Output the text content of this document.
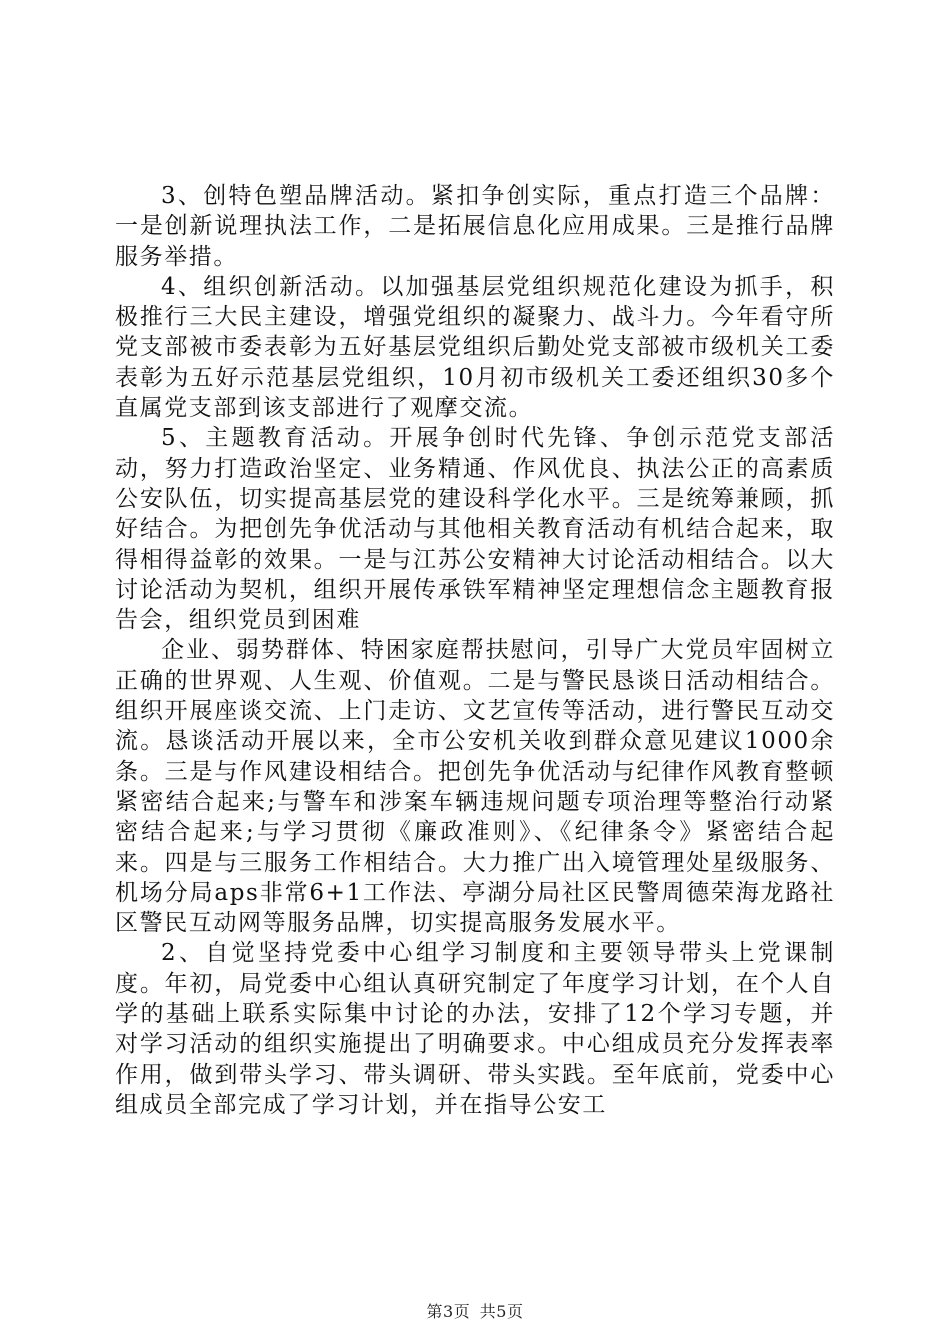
3、创特色塑品牌活动。紧扣争创实际，重点打造三个品牌：一是创新说理执法工作，二是拓展信息化应用成果。三是推行品牌服务举措。

4、组织创新活动。以加强基层党组织规范化建设为抓手，积极推行三大民主建设，增强党组织的凝聚力、战斗力。今年看守所党支部被市委表彰为五好基层党组织后勤处党支部被市级机关工委表彰为五好示范基层党组织，10月初市级机关工委还组织30多个直属党支部到该支部进行了观摩交流。

5、主题教育活动。开展争创时代先锋、争创示范党支部活动，努力打造政治坚定、业务精通、作风优良、执法公正的高素质公安队伍，切实提高基层党的建设科学化水平。三是统筹兼顾，抓好结合。为把创先争优活动与其他相关教育活动有机结合起来，取得相得益彰的效果。一是与江苏公安精神大讨论活动相结合。以大讨论活动为契机，组织开展传承铁军精神坚定理想信念主题教育报告会，组织党员到困难

企业、弱势群体、特困家庭帮扶慰问，引导广大党员牢固树立正确的世界观、人生观、价值观。二是与警民恳谈日活动相结合。组织开展座谈交流、上门走访、文艺宣传等活动，进行警民互动交流。恳谈活动开展以来，全市公安机关收到群众意见建议1000余条。三是与作风建设相结合。把创先争优活动与纪律作风教育整顿紧密结合起来;与警车和涉案车辆违规问题专项治理等整治行动紧密结合起来;与学习贯彻《廉政准则》、《纪律条令》紧密结合起来。四是与三服务工作相结合。大力推广出入境管理处星级服务、机场分局aps非常6+1工作法、亭湖分局社区民警周德荣海龙路社区警民互动网等服务品牌，切实提高服务发展水平。

2、自觉坚持党委中心组学习制度和主要领导带头上党课制度。年初，局党委中心组认真研究制定了年度学习计划，在个人自学的基础上联系实际集中讨论的办法，安排了12个学习专题，并对学习活动的组织实施提出了明确要求。中心组成员充分发挥表率作用，做到带头学习、带头调研、带头实践。至年底前，党委中心组成员全部完成了学习计划，并在指导公安工

第3页 共5页
